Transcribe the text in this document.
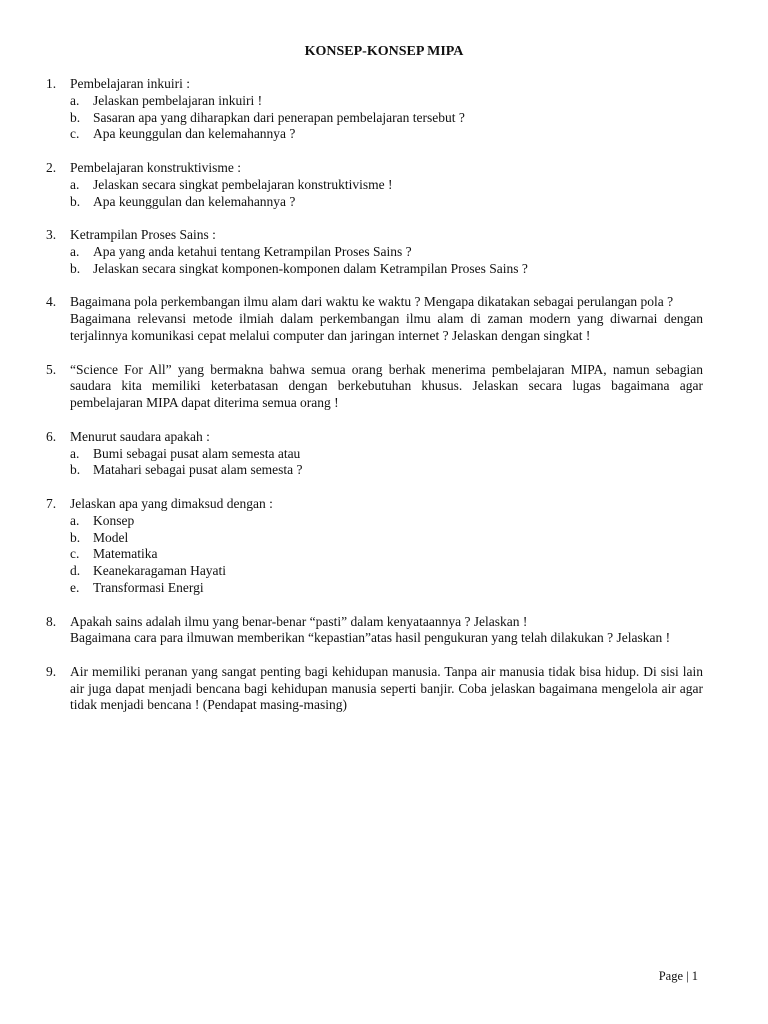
KONSEP-KONSEP MIPA
1. Pembelajaran inkuiri :

a. Jelaskan pembelajaran inkuiri !
b. Sasaran apa yang diharapkan dari penerapan pembelajaran tersebut ?
c. Apa keunggulan dan kelemahannya ?
2. Pembelajaran konstruktivisme :

a. Jelaskan secara singkat pembelajaran konstruktivisme !
b. Apa keunggulan dan kelemahannya ?
3. Ketrampilan Proses Sains :

a. Apa yang anda ketahui tentang Ketrampilan Proses Sains ?
b. Jelaskan secara singkat komponen-komponen dalam Ketrampilan Proses Sains ?
4. Bagaimana pola perkembangan ilmu alam dari waktu ke waktu ? Mengapa dikatakan sebagai perulangan pola ?

Bagaimana relevansi metode ilmiah dalam perkembangan ilmu alam di zaman modern yang diwarnai dengan terjalinnya komunikasi cepat melalui computer dan jaringan internet ? Jelaskan dengan singkat !

5. “Science For All” yang bermakna bahwa semua orang berhak menerima pembelajaran MIPA, namun sebagian saudara kita memiliki keterbatasan dengan berkebutuhan khusus. Jelaskan secara lugas bagaimana agar pembelajaran MIPA dapat diterima semua orang !

6. Menurut saudara apakah :

a. Bumi sebagai pusat alam semesta atau
b. Matahari sebagai pusat alam semesta ?
7. Jelaskan apa yang dimaksud dengan :

a. Konsep
b. Model
c. Matematika
d. Keanekaragaman Hayati
e. Transformasi Energi
8. Apakah sains adalah ilmu yang benar-benar “pasti” dalam kenyataannya ? Jelaskan !

Bagaimana cara para ilmuwan memberikan “kepastian”atas hasil pengukuran yang telah dilakukan ? Jelaskan !

9. Air memiliki peranan yang sangat penting bagi kehidupan manusia. Tanpa air manusia tidak bisa hidup. Di sisi lain air juga dapat menjadi bencana bagi kehidupan manusia seperti banjir. Coba jelaskan bagaimana mengelola air agar tidak menjadi bencana ! (Pendapat masing-masing)

Page | 1
